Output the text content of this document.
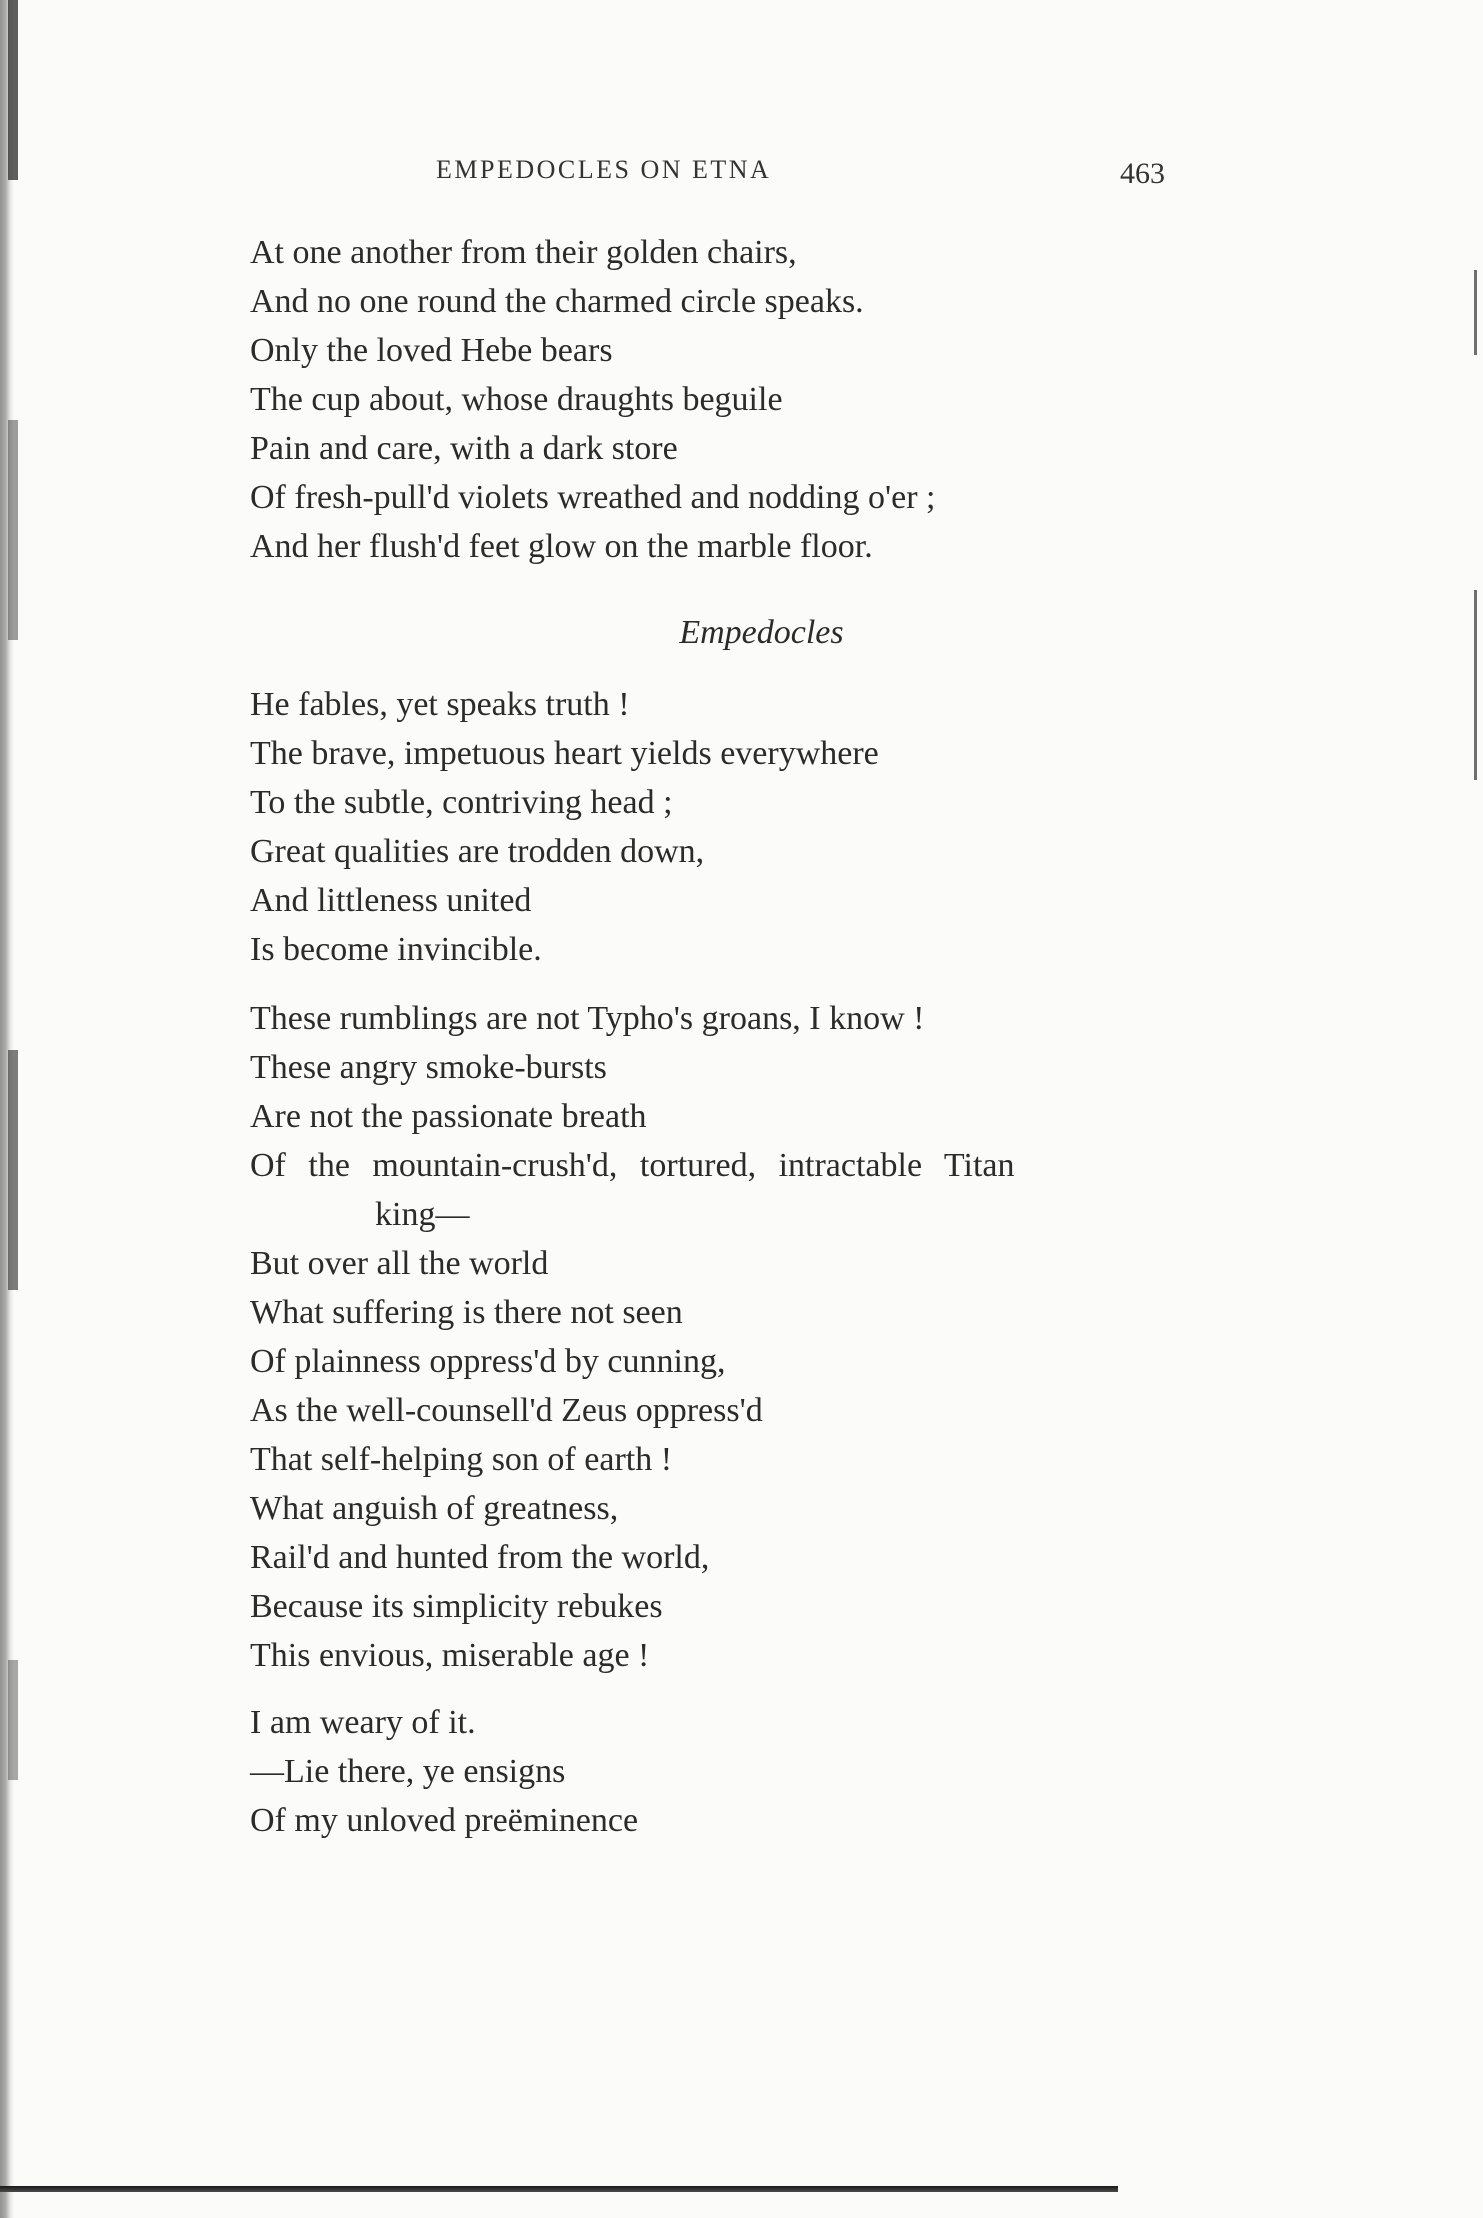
EMPEDOCLES ON ETNA	463
At one another from their golden chairs,
And no one round the charmed circle speaks.
Only the loved Hebe bears
The cup about, whose draughts beguile
Pain and care, with a dark store
Of fresh-pull'd violets wreathed and nodding o'er ;
And her flush'd feet glow on the marble floor.
Empedocles
He fables, yet speaks truth !
The brave, impetuous heart yields everywhere
To the subtle, contriving head ;
Great qualities are trodden down,
And littleness united
Is become invincible.
These rumblings are not Typho's groans, I know !
These angry smoke-bursts
Are not the passionate breath
Of the mountain-crush'd, tortured, intractable Titan
king—
But over all the world
What suffering is there not seen
Of plainness oppress'd by cunning,
As the well-counsell'd Zeus oppress'd
That self-helping son of earth !
What anguish of greatness,
Rail'd and hunted from the world,
Because its simplicity rebukes
This envious, miserable age !
I am weary of it.
—Lie there, ye ensigns
Of my unloved preëminence
